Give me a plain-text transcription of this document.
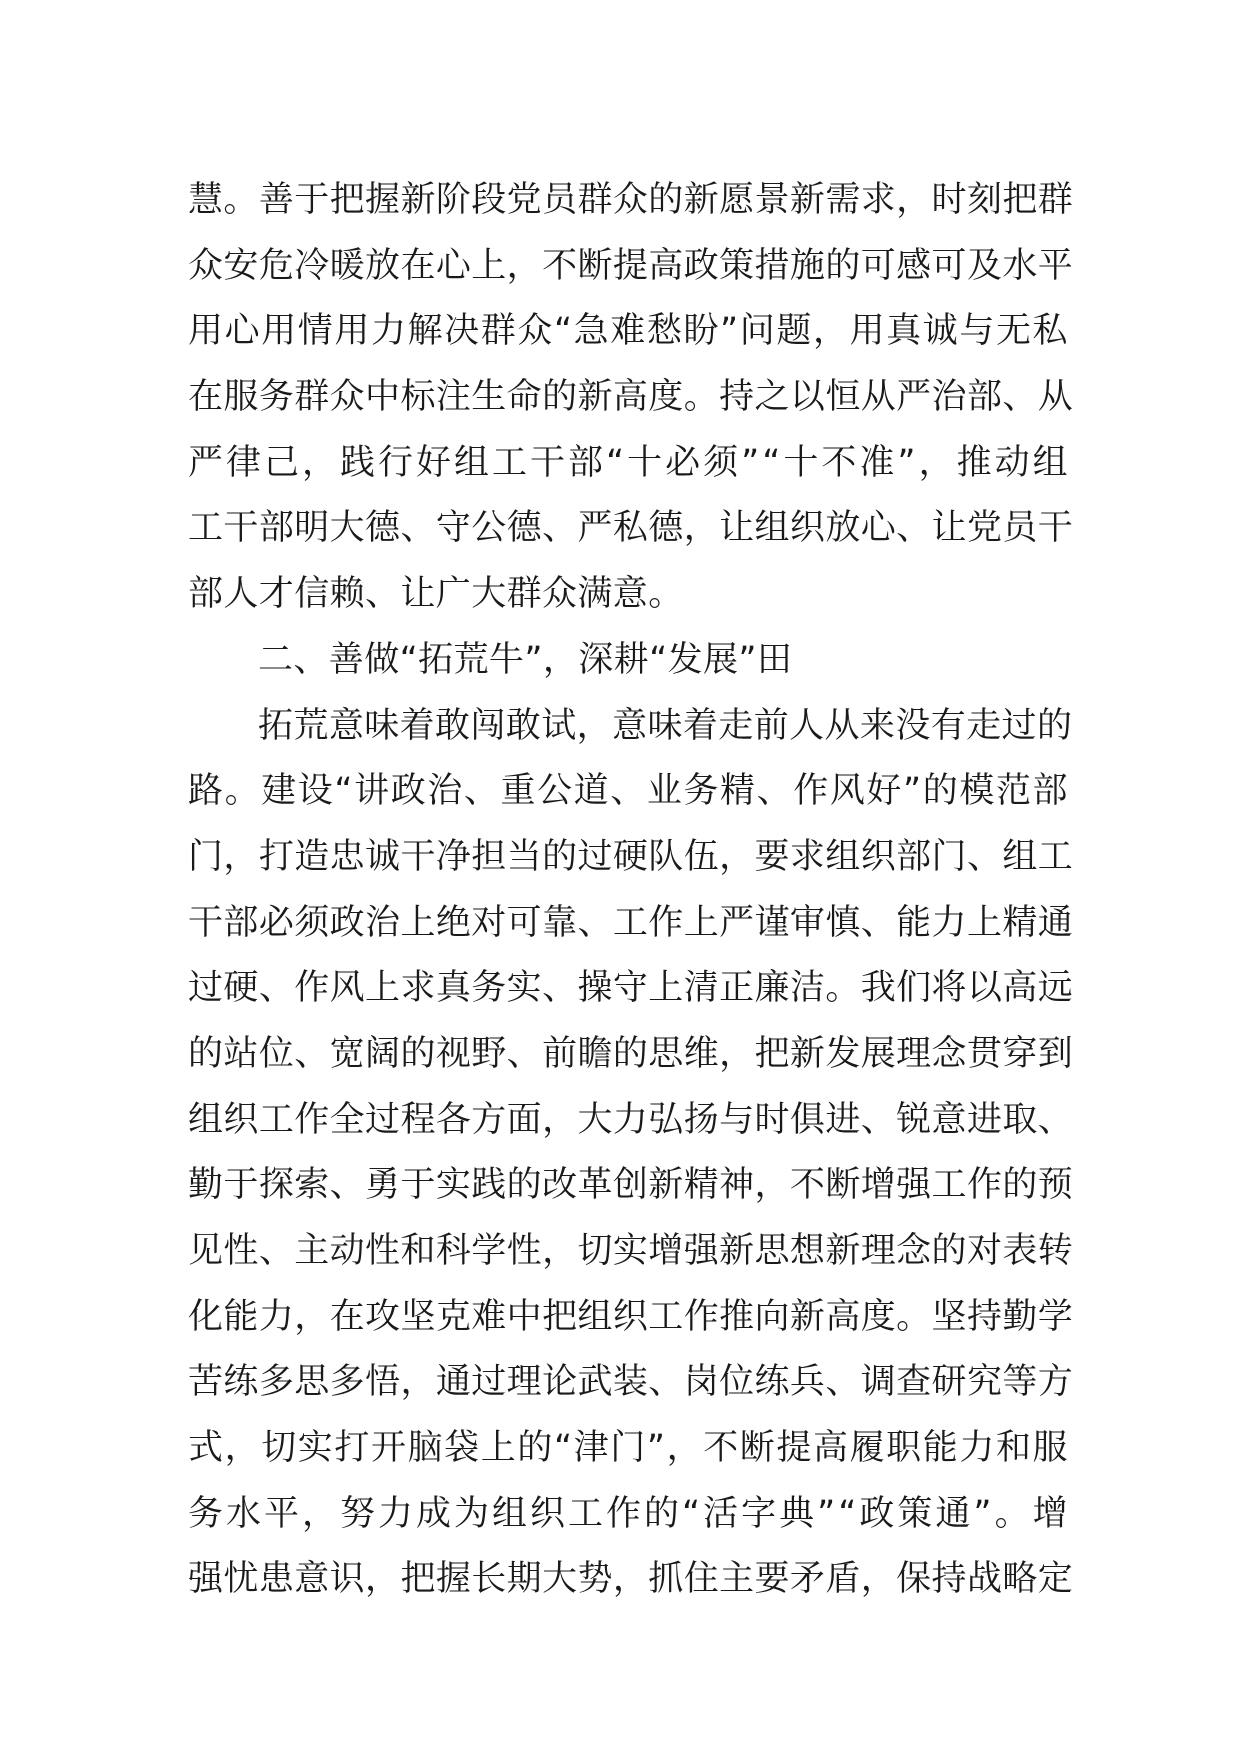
慧 。 善 于 把 握 新 阶 段 党 员 群 众 的 新 愿 景 新 需 求 ， 时 刻 把 群
众 安 危 冷 暖 放 在 心 上 ， 不 断 提 高 政 策 措 施 的 可 感 可 及 水 平
用 心 用 情 用 力 解 决 群 众 “ 急 难 愁 盼 ” 问 题 ， 用 真 诚 与 无 私
在 服 务 群 众 中 标 注 生 命 的 新 高 度 。 持 之 以 恒 从 严 治 部 、 从
严 律 己 ， 践 行 好 组 工 干 部 “ 十 必 须 ” “ 十 不 准 ” ， 推 动 组
工 干 部 明 大 德 、 守 公 德 、 严 私 德 ， 让 组 织 放 心 、 让 党 员 干
部人才信赖、让广大群众满意。
二、善做“拓荒牛”，深耕“发展”田
拓 荒 意 味 着 敢 闯 敢 试 ， 意 味 着 走 前 人 从 来 没 有 走 过 的
路 。 建 设 “ 讲 政 治 、 重 公 道 、 业 务 精 、 作 风 好 ” 的 模 范 部
门 ， 打 造 忠 诚 干 净 担 当 的 过 硬 队 伍 ， 要 求 组 织 部 门 、 组 工
干 部 必 须 政 治 上 绝 对 可 靠 、 工 作 上 严 谨 审 慎 、 能 力 上 精 通
过 硬 、 作 风 上 求 真 务 实 、 操 守 上 清 正 廉 洁 。 我 们 将 以 高 远
的 站 位 、 宽 阔 的 视 野 、 前 瞻 的 思 维 ， 把 新 发 展 理 念 贯 穿 到
组 织 工 作 全 过 程 各 方 面 ， 大 力 弘 扬 与 时 俱 进 、 锐 意 进 取 、
勤 于 探 索 、 勇 于 实 践 的 改 革 创 新 精 神 ， 不 断 增 强 工 作 的 预
见 性 、 主 动 性 和 科 学 性 ， 切 实 增 强 新 思 想 新 理 念 的 对 表 转
化 能 力 ， 在 攻 坚 克 难 中 把 组 织 工 作 推 向 新 高 度 。 坚 持 勤 学
苦 练 多 思 多 悟 ， 通 过 理 论 武 装 、 岗 位 练 兵 、 调 查 研 究 等 方
式 ， 切 实 打 开 脑 袋 上 的 “ 津 门 ” ， 不 断 提 高 履 职 能 力 和 服
务 水 平 ， 努 力 成 为 组 织 工 作 的 “ 活 字 典 ” “ 政 策 通 ” 。 增
强 忧 患 意 识 ， 把 握 长 期 大 势 ， 抓 住 主 要 矛 盾 ， 保 持 战 略 定
